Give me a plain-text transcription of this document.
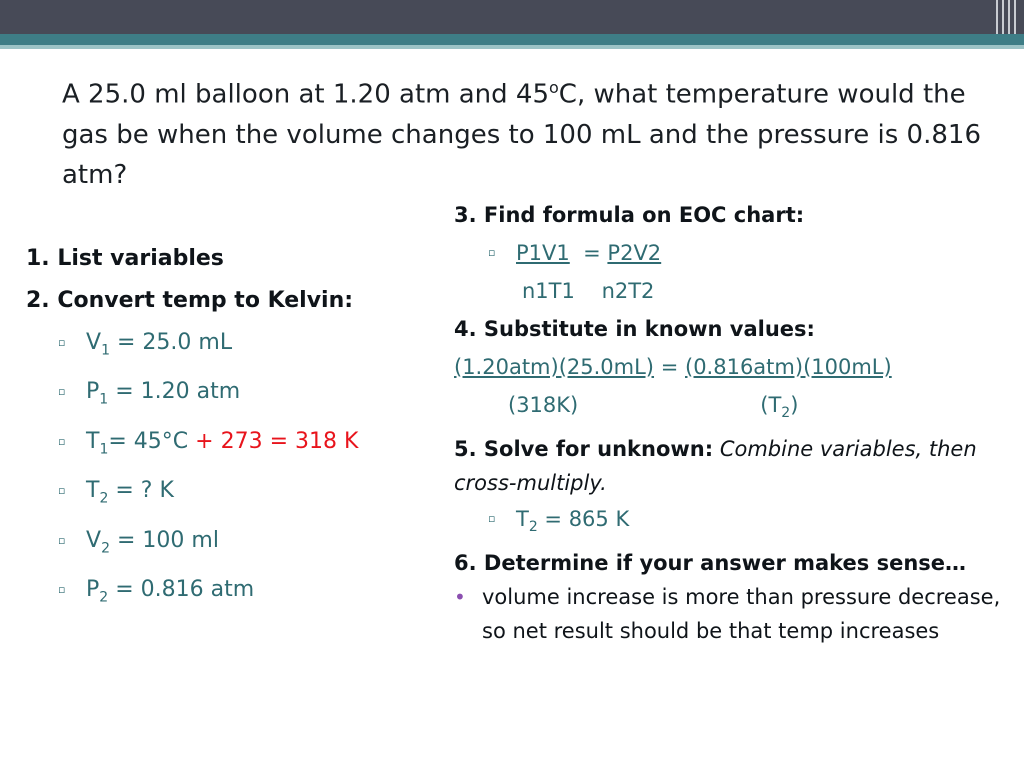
A 25.0 ml balloon at 1.20 atm and 45$^o$C, what temperature would the gas be when the volume changes to 100 mL and the pressure is 0.816 atm?
1. List variables
2. Convert temp to Kelvin:
▫ $V_1 = 25.0$ mL
▫ $P_1 = 1.20$ atm
▫ $T_1= 45^\circ C + 273 = 318$ K
▫ $T_2$ = ? K
▫ $V_2 = 100$ ml
▫ $P_2 = 0.816$ atm
3. Find formula on EOC chart:
▫ P1V1 = P2V2
n1T1 n2T2
4. Substitute in known values:
(1.20atm)(25.0mL) = (0.816atm)(100mL)
(318K)	$(T_2)$
5. Solve for unknown: Combine variables, then cross-multiply.
▫ $T_2 = 865$ K
6. Determine if your answer makes sense…
• volume increase is more than pressure decrease, so net result should be that temp increases
